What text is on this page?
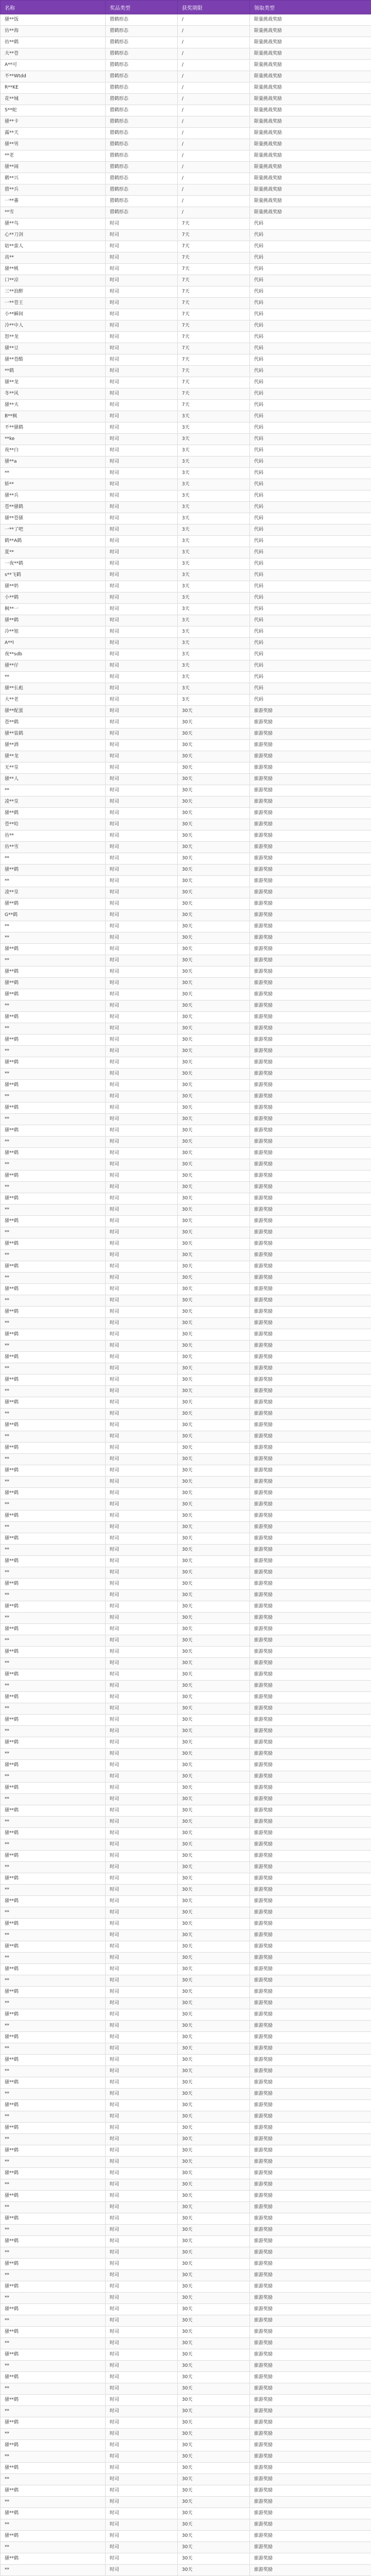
名称	奖品类型	获奖期限	领取类型
骚**饭	猎鹤形态	/	限量挑战奖励
彷**海	猎鹤形态	/	限量挑战奖励
彷**鹤	猎鹤形态	/	限量挑战奖励
夫**苍	猎鹤形态	/	限量挑战奖励
A**可	猎鹤形态	/	限量挑战奖励
不**Wtdd	猎鹤形态	/	限量挑战奖励
R**KE	猎鹤形态	/	限量挑战奖励
花**城	猎鹤形态	/	限量挑战奖励
S**蛇	猎鹤形态	/	限量挑战奖励
骚**卡	猎鹤形态	/	限量挑战奖励
露**天	猎鹤形态	/	限量挑战奖励
骚**男	猎鹤形态	/	限量挑战奖励
**老	猎鹤形态	/	限量挑战奖励
骚**闹	猎鹤形态	/	限量挑战奖励
鹅**兴	猎鹤形态	/	限量挑战奖励
猎**兵	猎鹤形态	/	限量挑战奖励
一**蕃	猎鹤形态	/	限量挑战奖励
**雪	猎鹤形态	/	限量挑战奖励
骚**鸟	时司	7天	代码
心**刀剑	时司	7天	代码
姑**蛮人	时司	7天	代码
高**	时司	7天	代码
骚**桃	时司	7天	代码
口**凉	时司	7天	代码
三**浪醉	时司	7天	代码
一**苍王	时司	7天	代码
小**瞬间	时司	7天	代码
冷**中人	时司	7天	代码
怒**龙	时司	7天	代码
骚**豆	时司	7天	代码
骚**苍酷	时司	7天	代码
**鹤	时司	7天	代码
骚**龙	时司	7天	代码
冬**风	时司	7天	代码
骚**夫	时司	7天	代码
B**枫	时司	3天	代码
不**骚鹤	时司	3天	代码
**ke	时司	3天	代码
夜**白	时司	3天	代码
骚**a	时司	3天	代码
**	时司	3天	代码
娇**	时司	3天	代码
骚**兵	时司	3天	代码
苍**骚鹤	时司	3天	代码
骚**苍骚	时司	3天	代码
一**了吧	时司	3天	代码
鹤**A鹤	时司	3天	代码
夏**	时司	3天	代码
一夜**鹤	时司	3天	代码
s**飞鹤	时司	3天	代码
骚**奶	时司	3天	代码
小**鹤	时司	3天	代码
枫**一	时司	3天	代码
骚**鹤	时司	3天	代码
冷**旭	时司	3天	代码
A**l	时司	3天	代码
夜**sdb	时司	3天	代码
骚**仔	时司	3天	代码
**	时司	3天	代码
骚**长彪	时司	3天	代码
大**老	时司	3天	代码
骚**配蛋	时司	30天	旅游奖励
苍**鹤	时司	30天	旅游奖励
骚**装鹤	时司	30天	旅游奖励
骚**酒	时司	30天	旅游奖励
骚**龙	时司	30天	旅游奖励
无**皇	时司	30天	旅游奖励
骚**人	时司	30天	旅游奖励
**	时司	30天	旅游奖励
凌**皇	时司	30天	旅游奖励
骚**鹤	时司	30天	旅游奖励
苍**哈	时司	30天	旅游奖励
彷**	时司	30天	旅游奖励
彷**雪	时司	30天	旅游奖励
**	时司	30天	旅游奖励
骚**鹤	时司	30天	旅游奖励
**	时司	30天	旅游奖励
凌**皇	时司	30天	旅游奖励
骚**鹤	时司	30天	旅游奖励
G**鹤	时司	30天	旅游奖励
**	时司	30天	旅游奖励
**	时司	30天	旅游奖励
骚**鹤	时司	30天	旅游奖励
**	时司	30天	旅游奖励
骚**鹤	时司	30天	旅游奖励
骚**鹤	时司	30天	旅游奖励
骚**鹤	时司	30天	旅游奖励
**	时司	30天	旅游奖励
骚**鹤	时司	30天	旅游奖励
**	时司	30天	旅游奖励
骚**鹤	时司	30天	旅游奖励
**	时司	30天	旅游奖励
骚**鹤	时司	30天	旅游奖励
**	时司	30天	旅游奖励
骚**鹤	时司	30天	旅游奖励
**	时司	30天	旅游奖励
骚**鹤	时司	30天	旅游奖励
**	时司	30天	旅游奖励
骚**鹤	时司	30天	旅游奖励
**	时司	30天	旅游奖励
骚**鹤	时司	30天	旅游奖励
**	时司	30天	旅游奖励
骚**鹤	时司	30天	旅游奖励
**	时司	30天	旅游奖励
骚**鹤	时司	30天	旅游奖励
**	时司	30天	旅游奖励
骚**鹤	时司	30天	旅游奖励
**	时司	30天	旅游奖励
骚**鹤	时司	30天	旅游奖励
**	时司	30天	旅游奖励
骚**鹤	时司	30天	旅游奖励
**	时司	30天	旅游奖励
骚**鹤	时司	30天	旅游奖励
**	时司	30天	旅游奖励
骚**鹤	时司	30天	旅游奖励
**	时司	30天	旅游奖励
骚**鹤	时司	30天	旅游奖励
**	时司	30天	旅游奖励
骚**鹤	时司	30天	旅游奖励
**	时司	30天	旅游奖励
骚**鹤	时司	30天	旅游奖励
**	时司	30天	旅游奖励
骚**鹤	时司	30天	旅游奖励
**	时司	30天	旅游奖励
骚**鹤	时司	30天	旅游奖励
**	时司	30天	旅游奖励
骚**鹤	时司	30天	旅游奖励
**	时司	30天	旅游奖励
骚**鹤	时司	30天	旅游奖励
**	时司	30天	旅游奖励
骚**鹤	时司	30天	旅游奖励
**	时司	30天	旅游奖励
骚**鹤	时司	30天	旅游奖励
**	时司	30天	旅游奖励
骚**鹤	时司	30天	旅游奖励
**	时司	30天	旅游奖励
骚**鹤	时司	30天	旅游奖励
**	时司	30天	旅游奖励
骚**鹤	时司	30天	旅游奖励
**	时司	30天	旅游奖励
骚**鹤	时司	30天	旅游奖励
**	时司	30天	旅游奖励
骚**鹤	时司	30天	旅游奖励
**	时司	30天	旅游奖励
骚**鹤	时司	30天	旅游奖励
**	时司	30天	旅游奖励
骚**鹤	时司	30天	旅游奖励
**	时司	30天	旅游奖励
骚**鹤	时司	30天	旅游奖励
**	时司	30天	旅游奖励
骚**鹤	时司	30天	旅游奖励
**	时司	30天	旅游奖励
骚**鹤	时司	30天	旅游奖励
**	时司	30天	旅游奖励
骚**鹤	时司	30天	旅游奖励
**	时司	30天	旅游奖励
骚**鹤	时司	30天	旅游奖励
**	时司	30天	旅游奖励
骚**鹤	时司	30天	旅游奖励
**	时司	30天	旅游奖励
骚**鹤	时司	30天	旅游奖励
**	时司	30天	旅游奖励
骚**鹤	时司	30天	旅游奖励
**	时司	30天	旅游奖励
骚**鹤	时司	30天	旅游奖励
**	时司	30天	旅游奖励
骚**鹤	时司	30天	旅游奖励
**	时司	30天	旅游奖励
骚**鹤	时司	30天	旅游奖励
**	时司	30天	旅游奖励
骚**鹤	时司	30天	旅游奖励
**	时司	30天	旅游奖励
骚**鹤	时司	30天	旅游奖励
**	时司	30天	旅游奖励
骚**鹤	时司	30天	旅游奖励
**	时司	30天	旅游奖励
骚**鹤	时司	30天	旅游奖励
**	时司	30天	旅游奖励
骚**鹤	时司	30天	旅游奖励
**	时司	30天	旅游奖励
骚**鹤	时司	30天	旅游奖励
**	时司	30天	旅游奖励
骚**鹤	时司	30天	旅游奖励
**	时司	30天	旅游奖励
骚**鹤	时司	30天	旅游奖励
**	时司	30天	旅游奖励
骚**鹤	时司	30天	旅游奖励
**	时司	30天	旅游奖励
骚**鹤	时司	30天	旅游奖励
**	时司	30天	旅游奖励
骚**鹤	时司	30天	旅游奖励
**	时司	30天	旅游奖励
骚**鹤	时司	30天	旅游奖励
**	时司	30天	旅游奖励
骚**鹤	时司	30天	旅游奖励
**	时司	30天	旅游奖励
骚**鹤	时司	30天	旅游奖励
**	时司	30天	旅游奖励
骚**鹤	时司	30天	旅游奖励
**	时司	30天	旅游奖励
骚**鹤	时司	30天	旅游奖励
**	时司	30天	旅游奖励
骚**鹤	时司	30天	旅游奖励
**	时司	30天	旅游奖励
骚**鹤	时司	30天	旅游奖励
**	时司	30天	旅游奖励
骚**鹤	时司	30天	旅游奖励
**	时司	30天	旅游奖励
骚**鹤	时司	30天	旅游奖励
**	时司	30天	旅游奖励
骚**鹤	时司	30天	旅游奖励
**	时司	30天	旅游奖励
骚**鹤	时司	30天	旅游奖励
**	时司	30天	旅游奖励
骚**鹤	时司	30天	旅游奖励
**	时司	30天	旅游奖励
骚**鹤	时司	30天	旅游奖励
**	时司	30天	旅游奖励
骚**鹤	时司	30天	旅游奖励
**	时司	30天	旅游奖励
骚**鹤	时司	30天	旅游奖励
**	时司	30天	旅游奖励
骚**鹤	时司	30天	旅游奖励
**	时司	30天	旅游奖励
骚**鹤	时司	30天	旅游奖励
**	时司	30天	旅游奖励
